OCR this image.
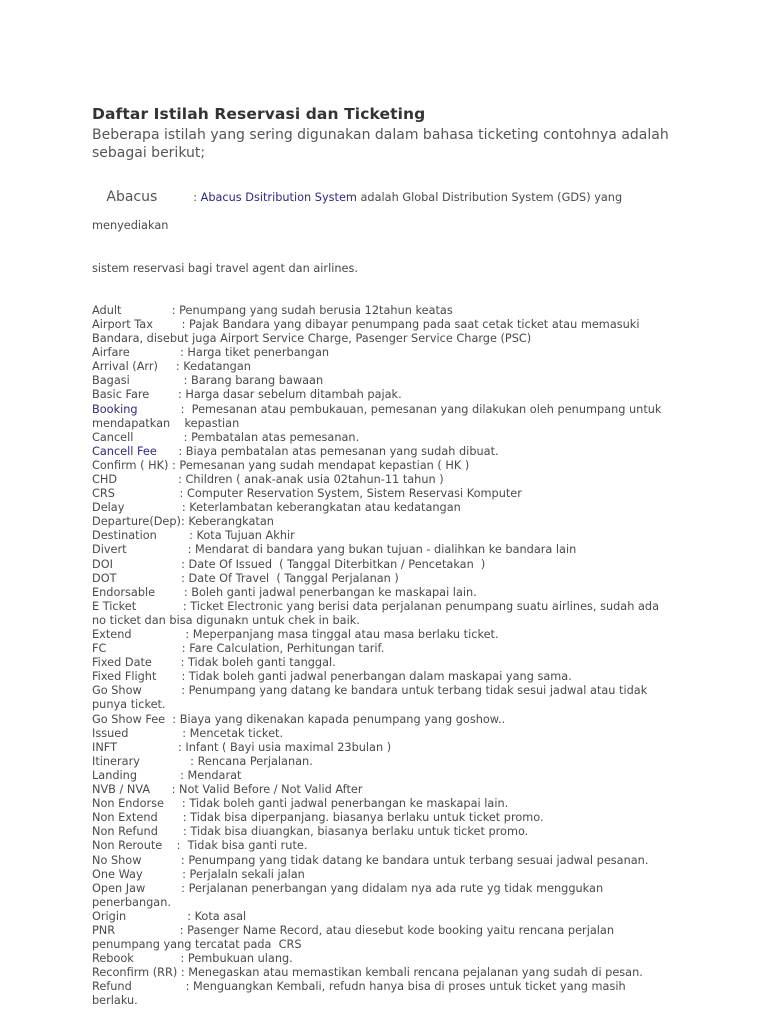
Daftar Istilah Reservasi dan Ticketing

Beberapa istilah yang sering digunakan dalam bahasa ticketing contohnya adalah sebagai berikut;

Abacus          : Abacus Dsitribution System adalah Global Distribution System (GDS) yang

menyediakan

sistem reservasi bagi travel agent dan airlines.

Adult              : Penumpang yang sudah berusia 12tahun keatas
Airport Tax        : Pajak Bandara yang dibayar penumpang pada saat cetak ticket atau memasuki
Bandara, disebut juga Airport Service Charge, Pasenger Service Charge (PSC)
Airfare              : Harga tiket penerbangan
Arrival (Arr)     : Kedatangan
Bagasi               : Barang barang bawaan
Basic Fare        : Harga dasar sebelum ditambah pajak.
Booking            :  Pemesanan atau pembukauan, pemesanan yang dilakukan oleh penumpang untuk
mendapatkan    kepastian
Cancell              : Pembatalan atas pemesanan.
Cancell Fee      : Biaya pembatalan atas pemesanan yang sudah dibuat.
Confirm ( HK) : Pemesanan yang sudah mendapat kepastian ( HK )
CHD                 : Children ( anak-anak usia 02tahun-11 tahun )
CRS                  : Computer Reservation System, Sistem Reservasi Komputer
Delay                : Keterlambatan keberangkatan atau kedatangan
Departure(Dep): Keberangkatan
Destination         : Kota Tujuan Akhir
Divert                 : Mendarat di bandara yang bukan tujuan - dialihkan ke bandara lain
DOI                   : Date Of Issued  ( Tanggal Diterbitkan / Pencetakan  )
DOT                  : Date Of Travel  ( Tanggal Perjalanan )
Endorsable        : Boleh ganti jadwal penerbangan ke maskapai lain.
E Ticket             : Ticket Electronic yang berisi data perjalanan penumpang suatu airlines, sudah ada
no ticket dan bisa digunakn untuk chek in baik.
Extend               : Meperpanjang masa tinggal atau masa berlaku ticket.
FC                     : Fare Calculation, Perhitungan tarif.
Fixed Date        : Tidak boleh ganti tanggal.
Fixed Flight       : Tidak boleh ganti jadwal penerbangan dalam maskapai yang sama.
Go Show           : Penumpang yang datang ke bandara untuk terbang tidak sesui jadwal atau tidak
punya ticket.
Go Show Fee  : Biaya yang dikenakan kapada penumpang yang goshow..
Issued               : Mencetak ticket.
INFT                 : Infant ( Bayi usia maximal 23bulan )
Itinerary              : Rencana Perjalanan.
Landing            : Mendarat
NVB / NVA      : Not Valid Before / Not Valid After
Non Endorse     : Tidak boleh ganti jadwal penerbangan ke maskapai lain.
Non Extend       : Tidak bisa diperpanjang. biasanya berlaku untuk ticket promo.
Non Refund       : Tidak bisa diuangkan, biasanya berlaku untuk ticket promo.
Non Reroute    :  Tidak bisa ganti rute.
No Show           : Penumpang yang tidak datang ke bandara untuk terbang sesuai jadwal pesanan.
One Way           : Perjalaln sekali jalan
Open Jaw          : Perjalanan penerbangan yang didalam nya ada rute yg tidak menggukan
penerbangan.
Origin                 : Kota asal
PNR                  : Pasenger Name Record, atau diesebut kode booking yaitu rencana perjalan
penumpang yang tercatat pada  CRS
Rebook             : Pembukuan ulang.
Reconfirm (RR) : Menegaskan atau memastikan kembali rencana pejalanan yang sudah di pesan.
Refund               : Menguangkan Kembali, refudn hanya bisa di proses untuk ticket yang masih
berlaku.
